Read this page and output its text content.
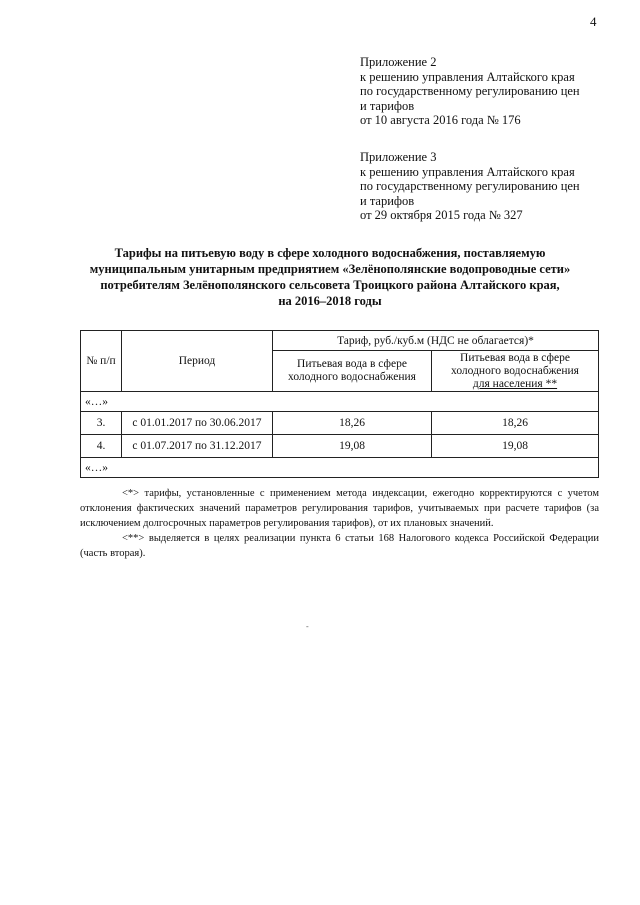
4
Приложение 2
к решению управления Алтайского края
по государственному регулированию цен
и тарифов
от 10 августа 2016 года № 176
Приложение 3
к решению управления Алтайского края
по государственному регулированию цен
и тарифов
от 29 октября 2015 года № 327
Тарифы на питьевую воду в сфере холодного водоснабжения, поставляемую
муниципальным унитарным предприятием «Зелёнополянские водопроводные сети»
потребителям Зелёнополянского сельсовета Троицкого района Алтайского края,
на 2016–2018 годы
№ п/п	Период	Тариф, руб./куб.м (НДС не облагается)*	
		Питьевая вода в сфере холодного водоснабжения	Питьевая вода в сфере
холодного водоснабжения
для населения **

«…»			
3.	с 01.01.2017 по 30.06.2017	18,26	18,26
4.	с 01.07.2017 по 31.12.2017	19,08	19,08
«…»			

<*> тарифы, установленные с применением метода индексации, ежегодно корректируются с учетом отклонения фактических значений параметров регулирования тарифов, учитываемых при расчете тарифов (за исключением долгосрочных параметров регулирования тарифов), от их плановых значений.

<**> выделяется в целях реализации пункта 6 статьи 168 Налогового кодекса Российской Федерации (часть вторая).

-
